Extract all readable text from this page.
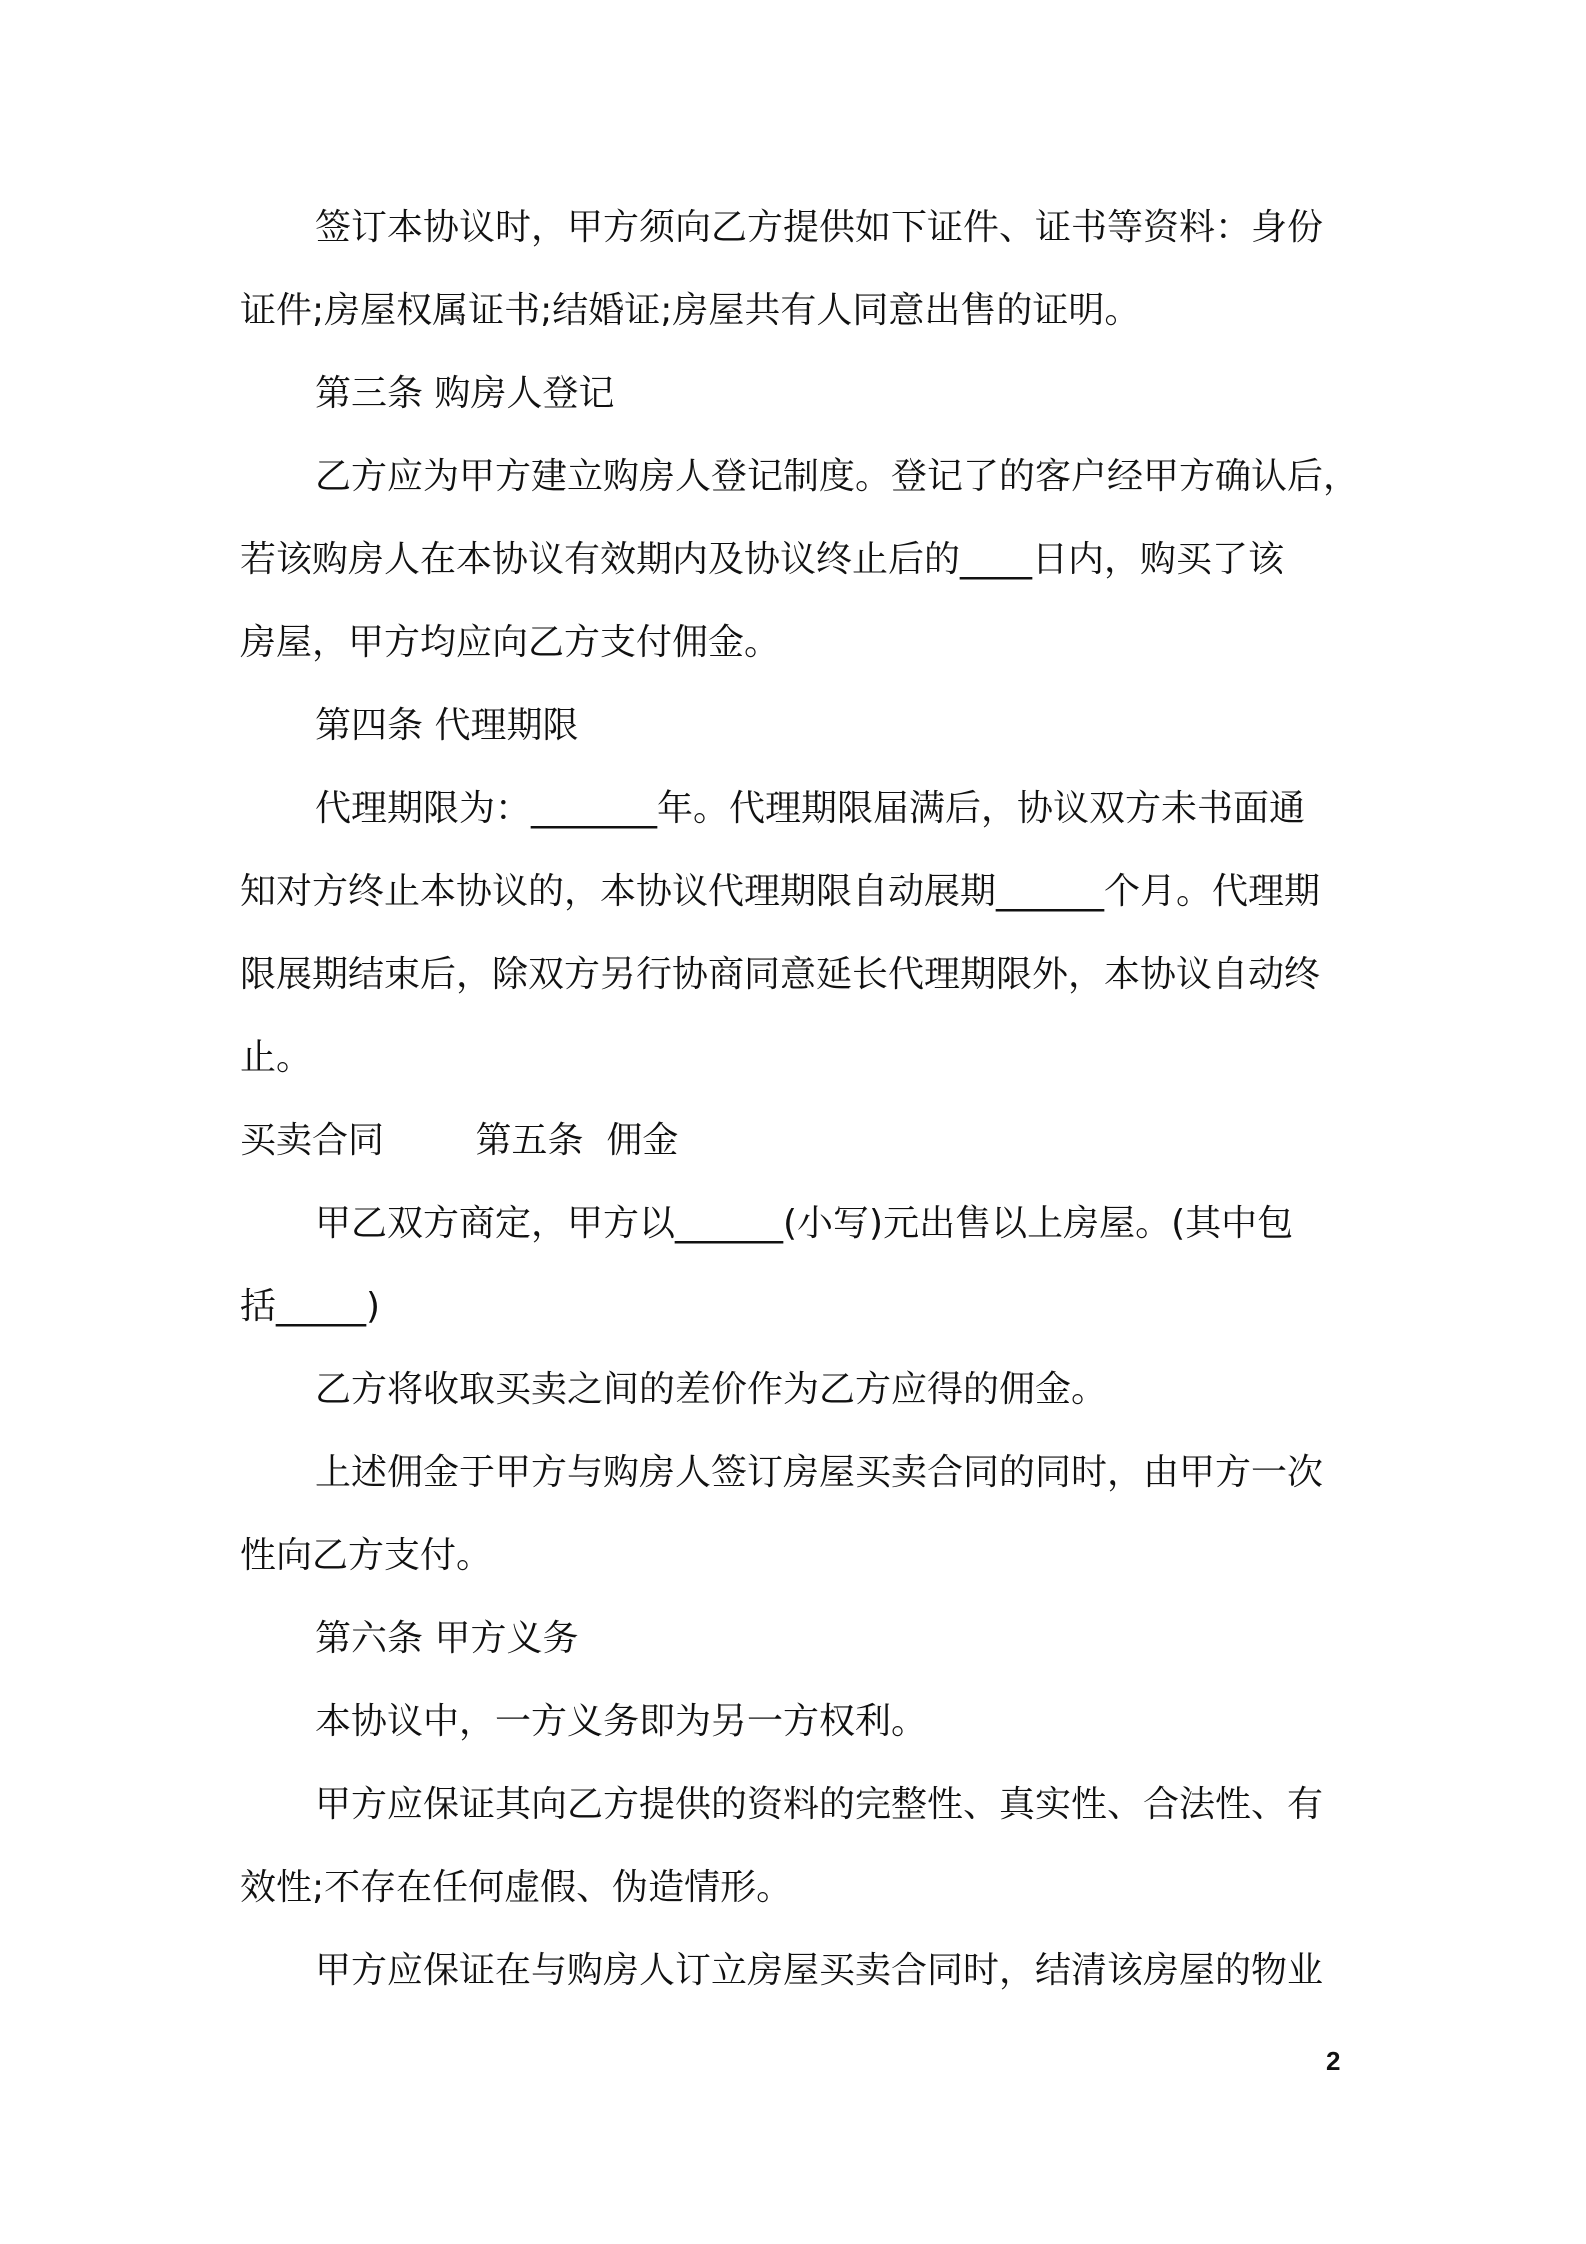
签订本协议时，甲方须向乙方提供如下证件、证书等资料：身份
证件;房屋权属证书;结婚证;房屋共有人同意出售的证明。
第三条 购房人登记
乙方应为甲方建立购房人登记制度。登记了的客户经甲方确认后，
若该购房人在本协议有效期内及协议终止后的____日内，购买了该
房屋，甲方均应向乙方支付佣金。
第四条 代理期限
代理期限为：_______年。代理期限届满后，协议双方未书面通
知对方终止本协议的，本协议代理期限自动展期______个月。代理期
限展期结束后，除双方另行协商同意延长代理期限外，本协议自动终
止。
买卖合同        第五条  佣金
甲乙双方商定，甲方以______(小写)元出售以上房屋。(其中包
括_____)
乙方将收取买卖之间的差价作为乙方应得的佣金。
上述佣金于甲方与购房人签订房屋买卖合同的同时，由甲方一次
性向乙方支付。
第六条 甲方义务
本协议中，一方义务即为另一方权利。
甲方应保证其向乙方提供的资料的完整性、真实性、合法性、有
效性;不存在任何虚假、伪造情形。
甲方应保证在与购房人订立房屋买卖合同时，结清该房屋的物业
2
